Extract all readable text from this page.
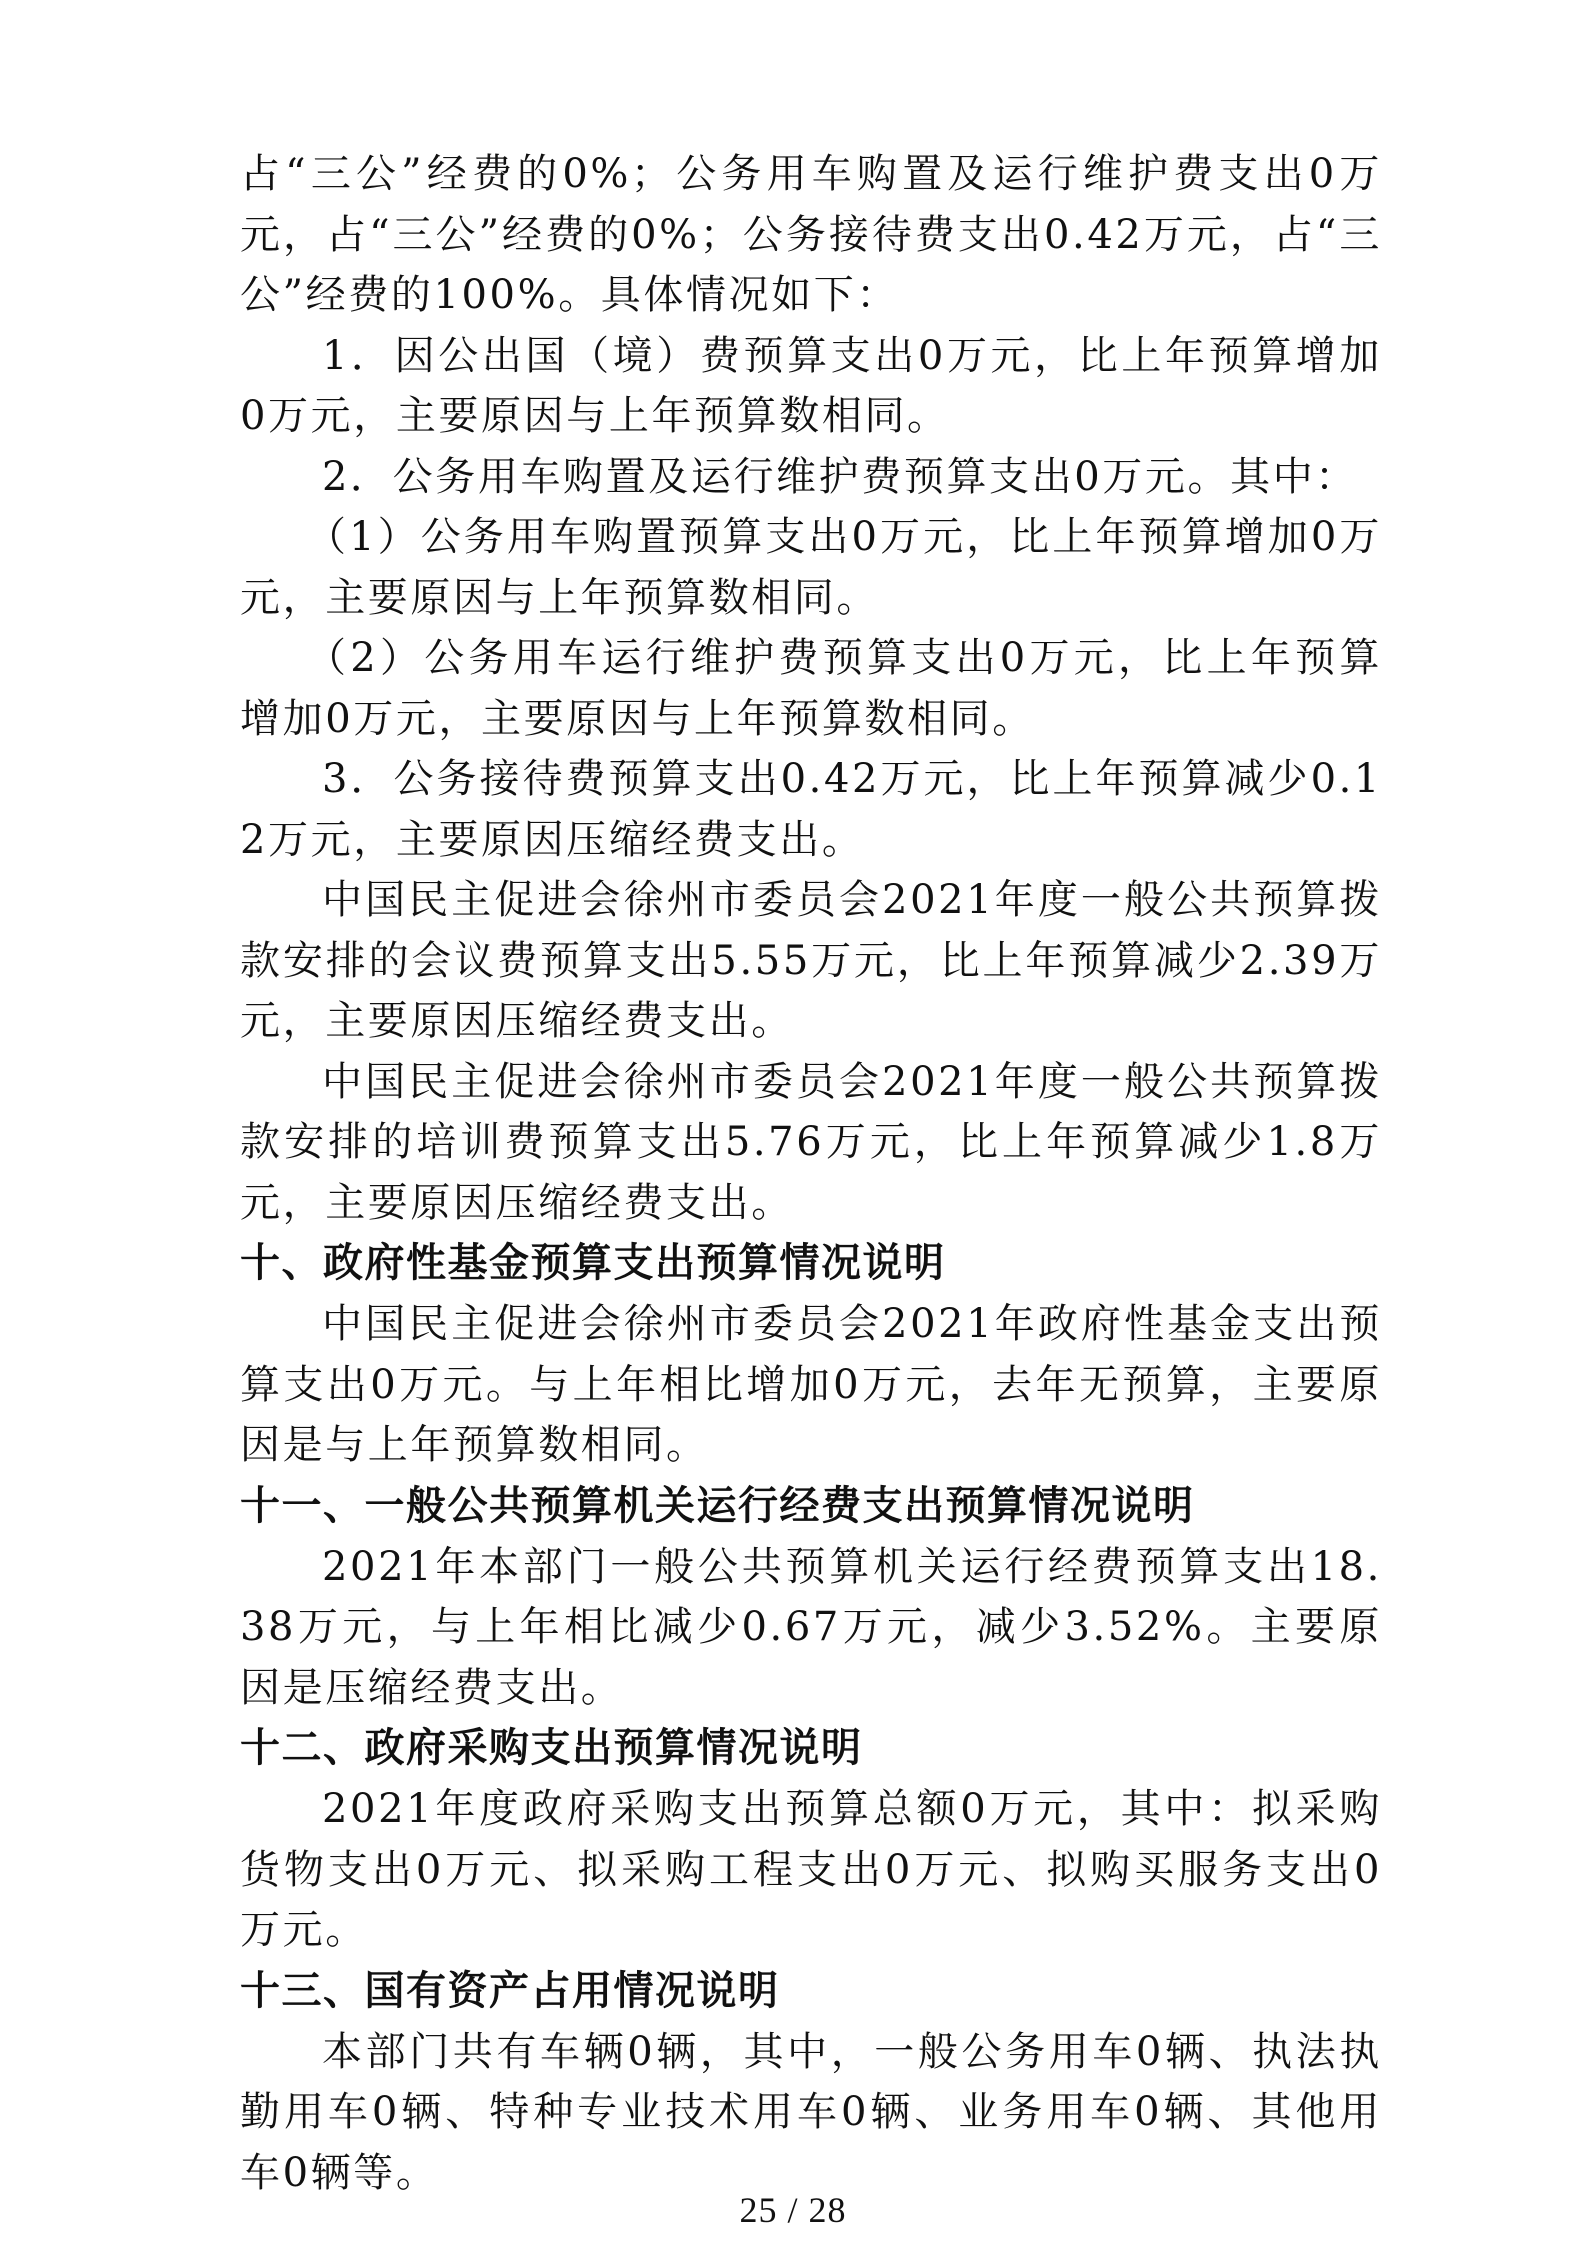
占“三公”经费的0%；公务用车购置及运行维护费支出0万元，占“三公”经费的0%；公务接待费支出0.42万元，占“三公”经费的100%。具体情况如下：

1．因公出国（境）费预算支出0万元，比上年预算增加0万元，主要原因与上年预算数相同。

2．公务用车购置及运行维护费预算支出0万元。其中：

（1）公务用车购置预算支出0万元，比上年预算增加0万元，主要原因与上年预算数相同。

（2）公务用车运行维护费预算支出0万元，比上年预算增加0万元，主要原因与上年预算数相同。

3．公务接待费预算支出0.42万元，比上年预算减少0.12万元，主要原因压缩经费支出。

中国民主促进会徐州市委员会2021年度一般公共预算拨款安排的会议费预算支出5.55万元，比上年预算减少2.39万元，主要原因压缩经费支出。

中国民主促进会徐州市委员会2021年度一般公共预算拨款安排的培训费预算支出5.76万元，比上年预算减少1.8万元，主要原因压缩经费支出。

十、政府性基金预算支出预算情况说明

中国民主促进会徐州市委员会2021年政府性基金支出预算支出0万元。与上年相比增加0万元，去年无预算，主要原因是与上年预算数相同。

十一、一般公共预算机关运行经费支出预算情况说明

2021年本部门一般公共预算机关运行经费预算支出18.38万元，与上年相比减少0.67万元，减少3.52%。主要原因是压缩经费支出。

十二、政府采购支出预算情况说明

2021年度政府采购支出预算总额0万元，其中：拟采购货物支出0万元、拟采购工程支出0万元、拟购买服务支出0万元。

十三、国有资产占用情况说明

本部门共有车辆0辆，其中，一般公务用车0辆、执法执勤用车0辆、特种专业技术用车0辆、业务用车0辆、其他用车0辆等。

25 / 28
